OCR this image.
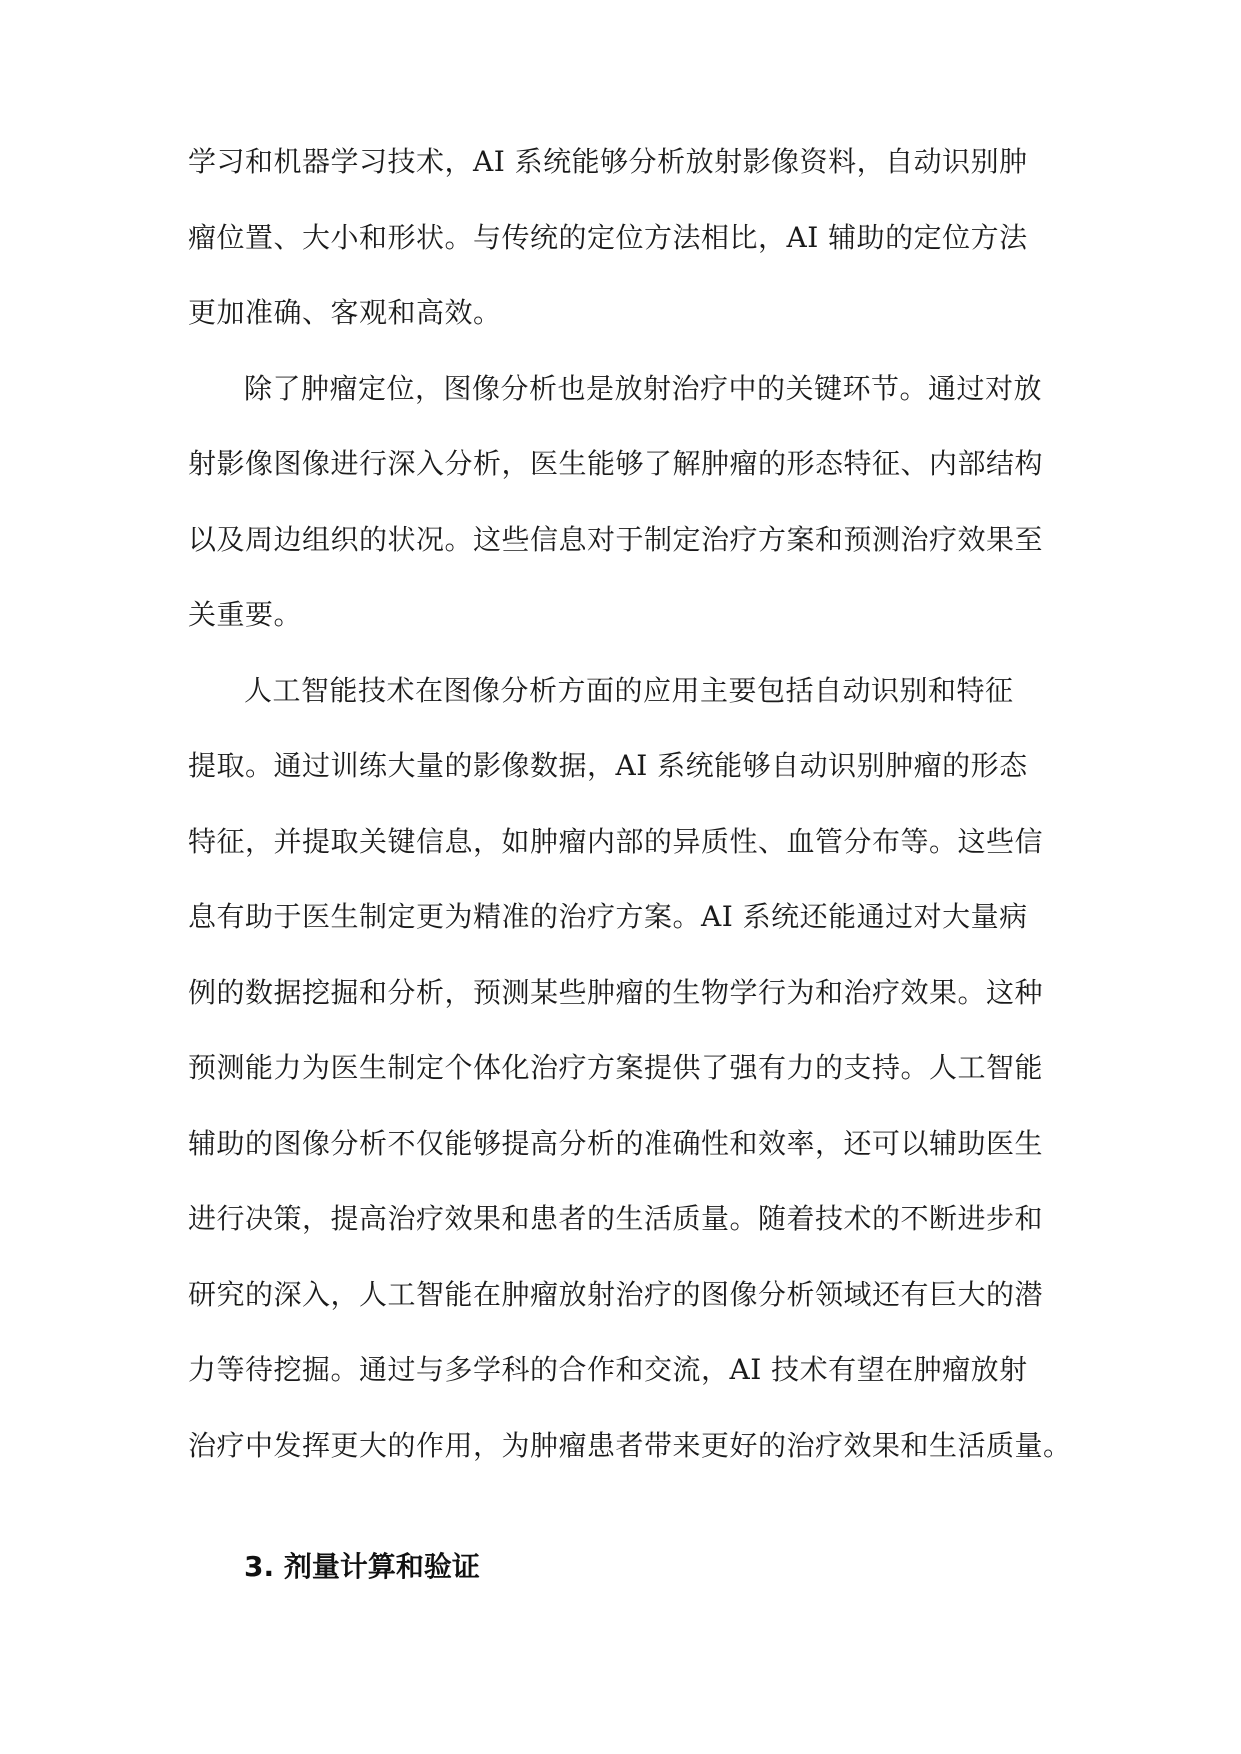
学习和机器学习技术，AI 系统能够分析放射影像资料，自动识别肿
瘤位置、大小和形状。与传统的定位方法相比，AI 辅助的定位方法
更加准确、客观和高效。
除了肿瘤定位，图像分析也是放射治疗中的关键环节。通过对放
射影像图像进行深入分析，医生能够了解肿瘤的形态特征、内部结构
以及周边组织的状况。这些信息对于制定治疗方案和预测治疗效果至
关重要。
人工智能技术在图像分析方面的应用主要包括自动识别和特征
提取。通过训练大量的影像数据，AI 系统能够自动识别肿瘤的形态
特征，并提取关键信息，如肿瘤内部的异质性、血管分布等。这些信
息有助于医生制定更为精准的治疗方案。AI 系统还能通过对大量病
例的数据挖掘和分析，预测某些肿瘤的生物学行为和治疗效果。这种
预测能力为医生制定个体化治疗方案提供了强有力的支持。人工智能
辅助的图像分析不仅能够提高分析的准确性和效率，还可以辅助医生
进行决策，提高治疗效果和患者的生活质量。随着技术的不断进步和
研究的深入，人工智能在肿瘤放射治疗的图像分析领域还有巨大的潜
力等待挖掘。通过与多学科的合作和交流，AI 技术有望在肿瘤放射
治疗中发挥更大的作用，为肿瘤患者带来更好的治疗效果和生活质量。
3. 剂量计算和验证
